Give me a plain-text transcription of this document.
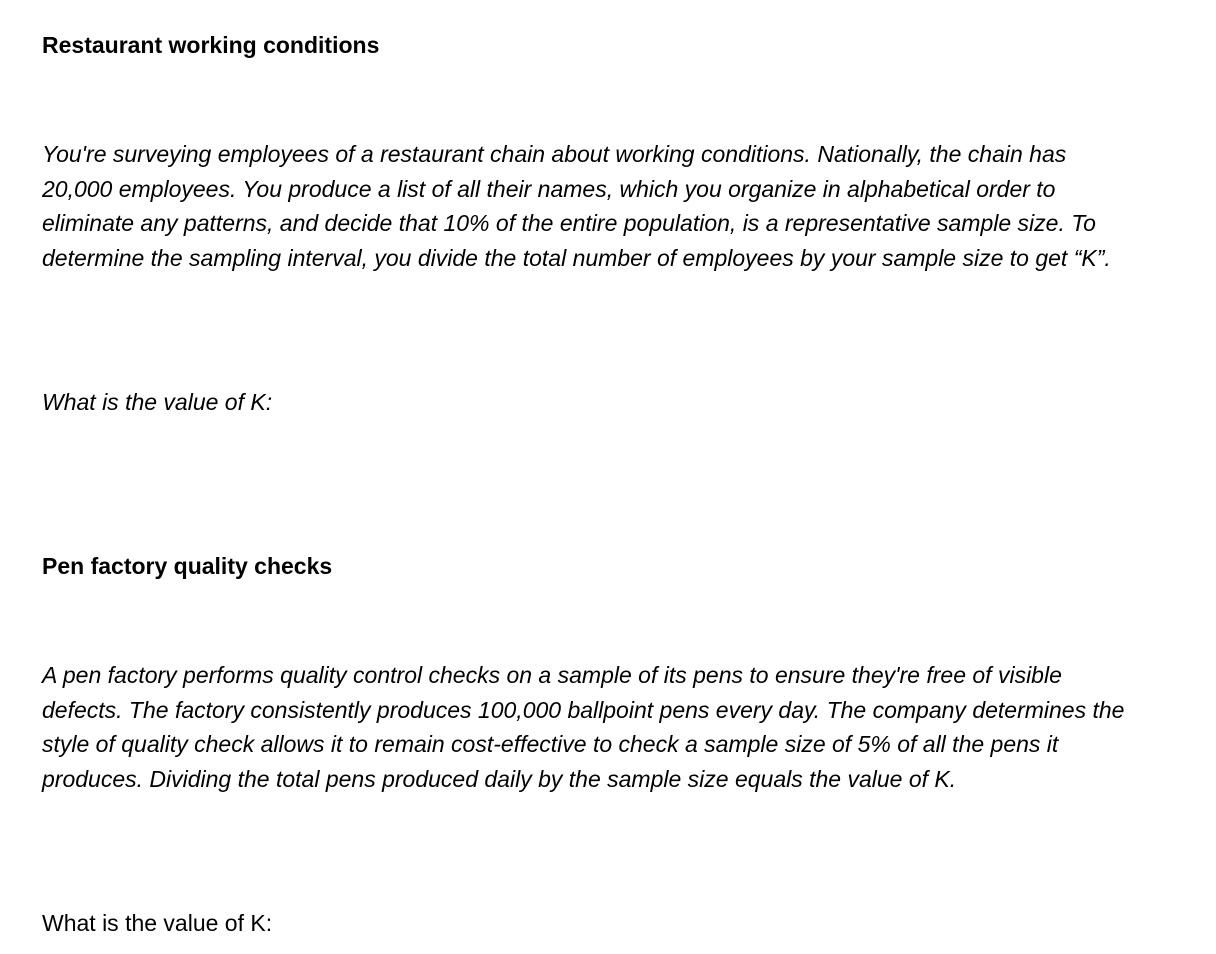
Restaurant working conditions

You're surveying employees of a restaurant chain about working conditions. Nationally, the chain has 20,000 employees. You produce a list of all their names, which you organize in alphabetical order to eliminate any patterns, and decide that 10% of the entire population, is a representative sample size. To determine the sampling interval, you divide the total number of employees by your sample size to get “K”.

What is the value of K:

Pen factory quality checks

A pen factory performs quality control checks on a sample of its pens to ensure they're free of visible defects. The factory consistently produces 100,000 ballpoint pens every day. The company determines the style of quality check allows it to remain cost-effective to check a sample size of 5% of all the pens it produces. Dividing the total pens produced daily by the sample size equals the value of K.

What is the value of K:
